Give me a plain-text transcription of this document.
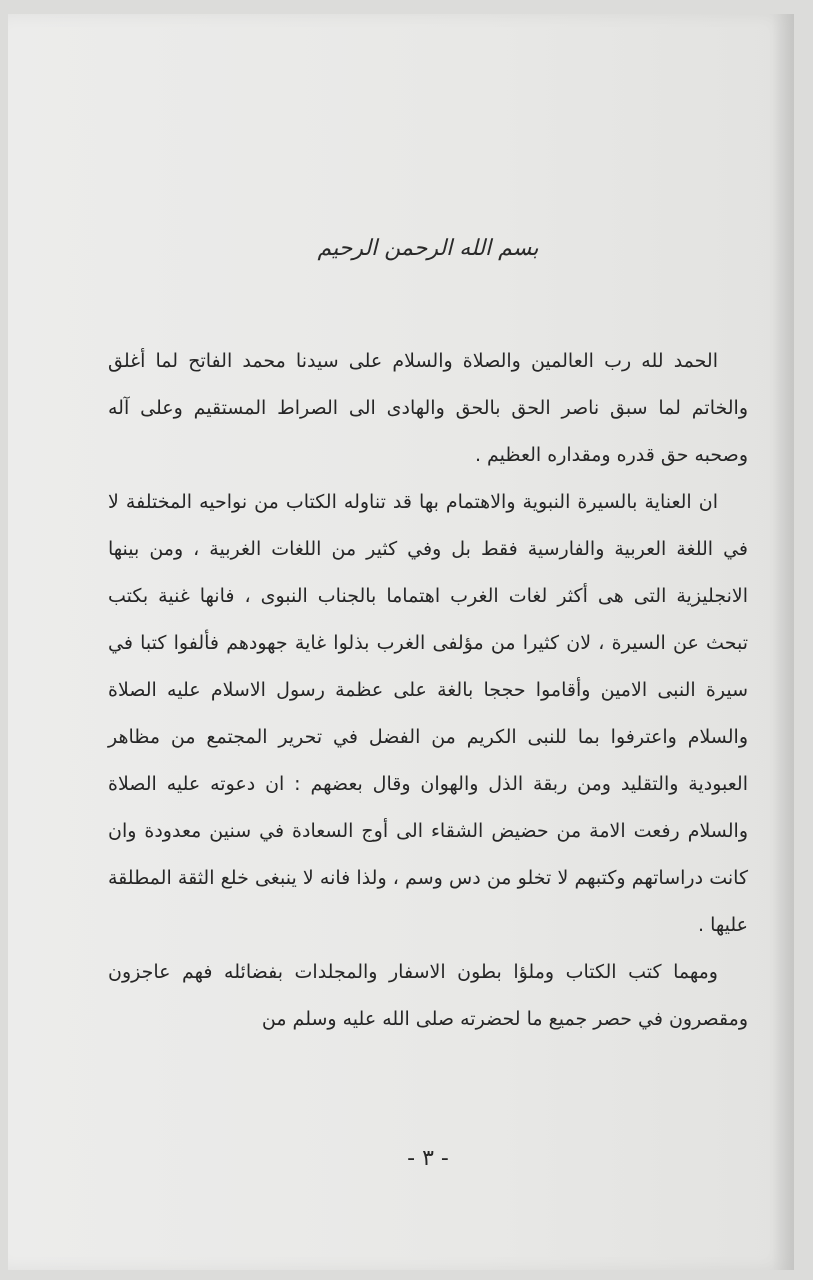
بسم الله الرحمن الرحيم

الحمد لله رب العالمين والصلاة والسلام على سيدنا محمد الفاتح لما أغلق والخاتم لما سبق ناصر الحق بالحق والهادى الى الصراط المستقيم وعلى آله وصحبه حق قدره ومقداره العظيم .

ان العناية بالسيرة النبوية والاهتمام بها قد تناوله الكتاب من نواحيه المختلفة لا في اللغة العربية والفارسية فقط بل وفي كثير من اللغات الغربية ، ومن بينها الانجليزية التى هى أكثر لغات الغرب اهتماما بالجناب النبوى ، فانها غنية بكتب تبحث عن السيرة ، لان كثيرا من مؤلفى الغرب بذلوا غاية جهودهم فألفوا كتبا في سيرة النبى الامين وأقاموا حججا بالغة على عظمة رسول الاسلام عليه الصلاة والسلام واعترفوا بما للنبى الكريم من الفضل في تحرير المجتمع من مظاهر العبودية والتقليد ومن ربقة الذل والهوان وقال بعضهم : ان دعوته عليه الصلاة والسلام رفعت الامة من حضيض الشقاء الى أوج السعادة في سنين معدودة وان كانت دراساتهم وكتبهم لا تخلو من دس وسم ، ولذا فانه لا ينبغى خلع الثقة المطلقة عليها .

ومهما كتب الكتاب وملؤا بطون الاسفار والمجلدات بفضائله فهم عاجزون ومقصرون في حصر جميع ما لحضرته صلى الله عليه وسلم من

- ٣ -
